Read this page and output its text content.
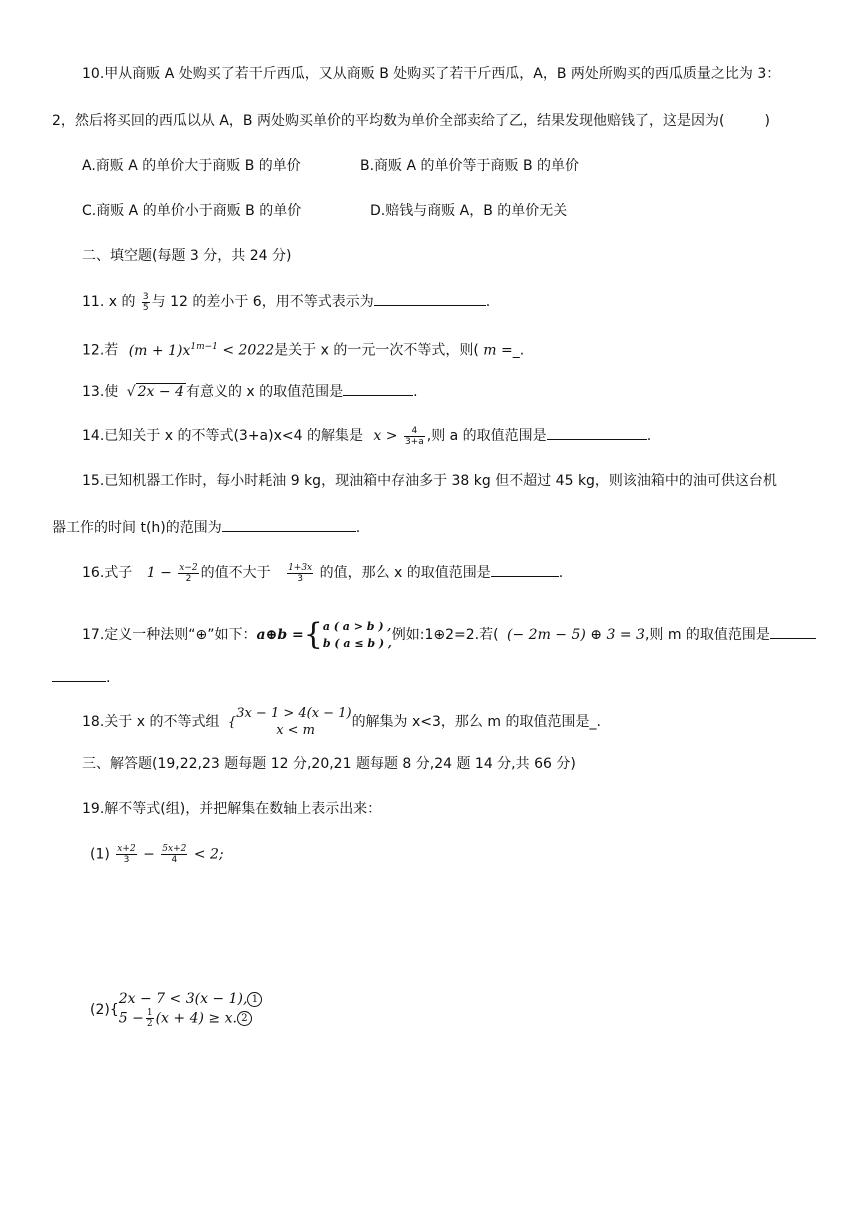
10.甲从商贩 A 处购买了若干斤西瓜，又从商贩 B 处购买了若干斤西瓜，A，B 两处所购买的西瓜质量之比为 3：
2，然后将买回的西瓜以从 A，B 两处购买单价的平均数为单价全部卖给了乙，结果发现他赔钱了，这是因为(	)
A.商贩 A 的单价大于商贩 B 的单价	B.商贩 A 的单价等于商贩 B 的单价
C.商贩 A 的单价小于商贩 B 的单价	D.赔钱与商贩 A，B 的单价无关
二、填空题(每题 3 分，共 24 分)
11. x 的 $\frac{3}{5}$ 与 12 的差小于 6，用不等式表示为	.
12.若 $(m + 1)x^{1m-1} < 2022$是关于 x 的一元一次不等式，则( m =_.
13.使 √ 2x − 4 有意义的 x 的取值范围是	.
14.已知关于 x 的不等式(3+a)x<4 的解集是 $x > \frac{4}{3+a}$ ,则 a 的取值范围是	.
15.已知机器工作时，每小时耗油 9 kg，现油箱中存油多于 38 kg 但不超过 45 kg，则该油箱中的油可供这台机
器工作的时间 t(h)的范围为	.
16.式子 $1 - \frac{x-2}{2}$ 的值不大于 $\frac{1+3x}{3}$ 的值，那么 x 的取值范围是	.
17.定义一种法则“⊕”如下：a⊕b ={ a ( a > b ) ,
b ( a ≤ b ) ,
例如:1⊕2=2.若( (− 2m − 5) ⊕ 3 = 3,则 m 的取值范围是
.
18.关于 x 的不等式组 {
3x − 1 > 4(x − 1)
x < m
的解集为 x<3，那么 m 的取值范围是_.
三、解答题(19,22,23 题每题 12 分,20,21 题每题 8 分,24 题 14 分,共 66 分)
19.解不等式(组)，并把解集在数轴上表示出来：
$(1) \frac{x+2}{3} - \frac{5x+2}{4} < 2$;
(2){
2x − 7 < 3(x − 1), 1
$5 - \frac{1}{2} (x + 4) \ge x$. 2
